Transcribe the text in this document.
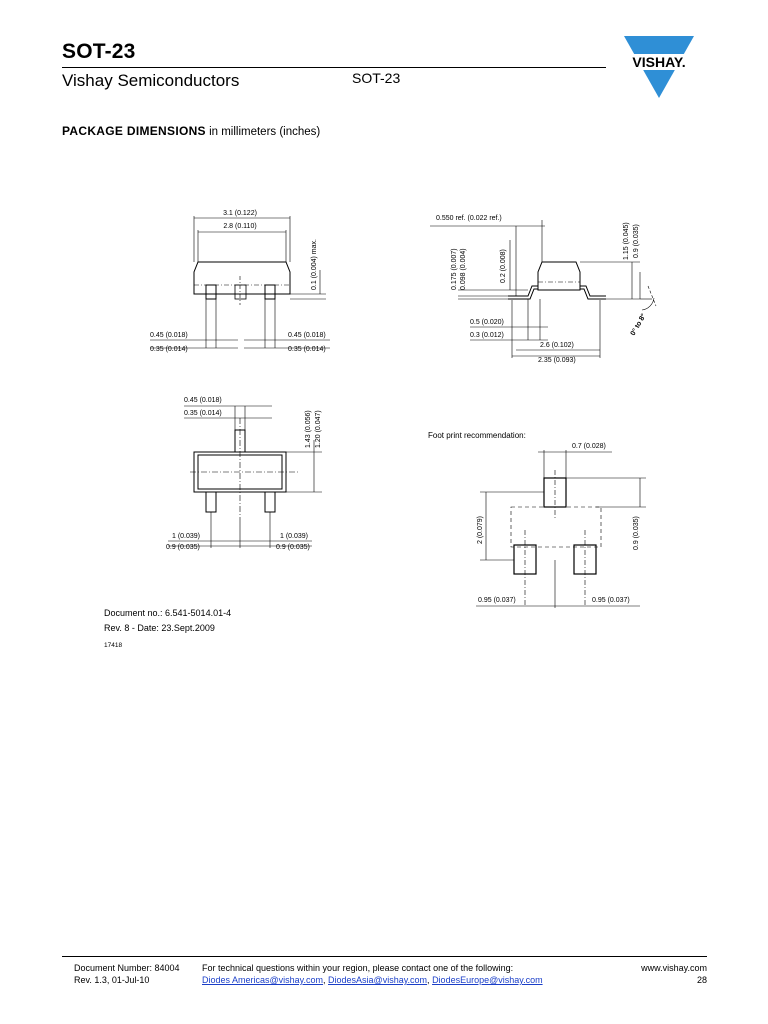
SOT-23
Vishay Semiconductors	SOT-23
VISHAY.
PACKAGE DIMENSIONS in millimeters (inches)
3.1 (0.122)
2.8 (0.110)
0.1 (0.004) max.
0.45 (0.018)
0.35 (0.014)
0.45 (0.018)
0.35 (0.014)
0.550 ref. (0.022 ref.)
0.175 (0.007) 0.098 (0.004)	0.2 (0.008)
1.15 (0.045) 0.9 (0.035)
0.5 (0.020)
0.3 (0.012)
2.6 (0.102)
2.35 (0.093)
0° to 8°
0.45 (0.018)
0.35 (0.014)	1.43 (0.056) 1.20 (0.047)
1 (0.039)
0.9 (0.035)
1 (0.039)
0.9 (0.035)
Foot print recommendation:
0.7 (0.028)
2 (0.079)	0.9 (0.035)
0.95 (0.037)	0.95 (0.037)
Document no.: 6.541-5014.01-4
Rev. 8 - Date: 23.Sept.2009
17418
Document Number: 84004
Rev. 1.3, 01-Jul-10
For technical questions within your region, please contact one of the following:
Diodes Americas@vishay.com, DiodesAsia@vishay.com, DiodesEurope@vishay.com
www.vishay.com
28
